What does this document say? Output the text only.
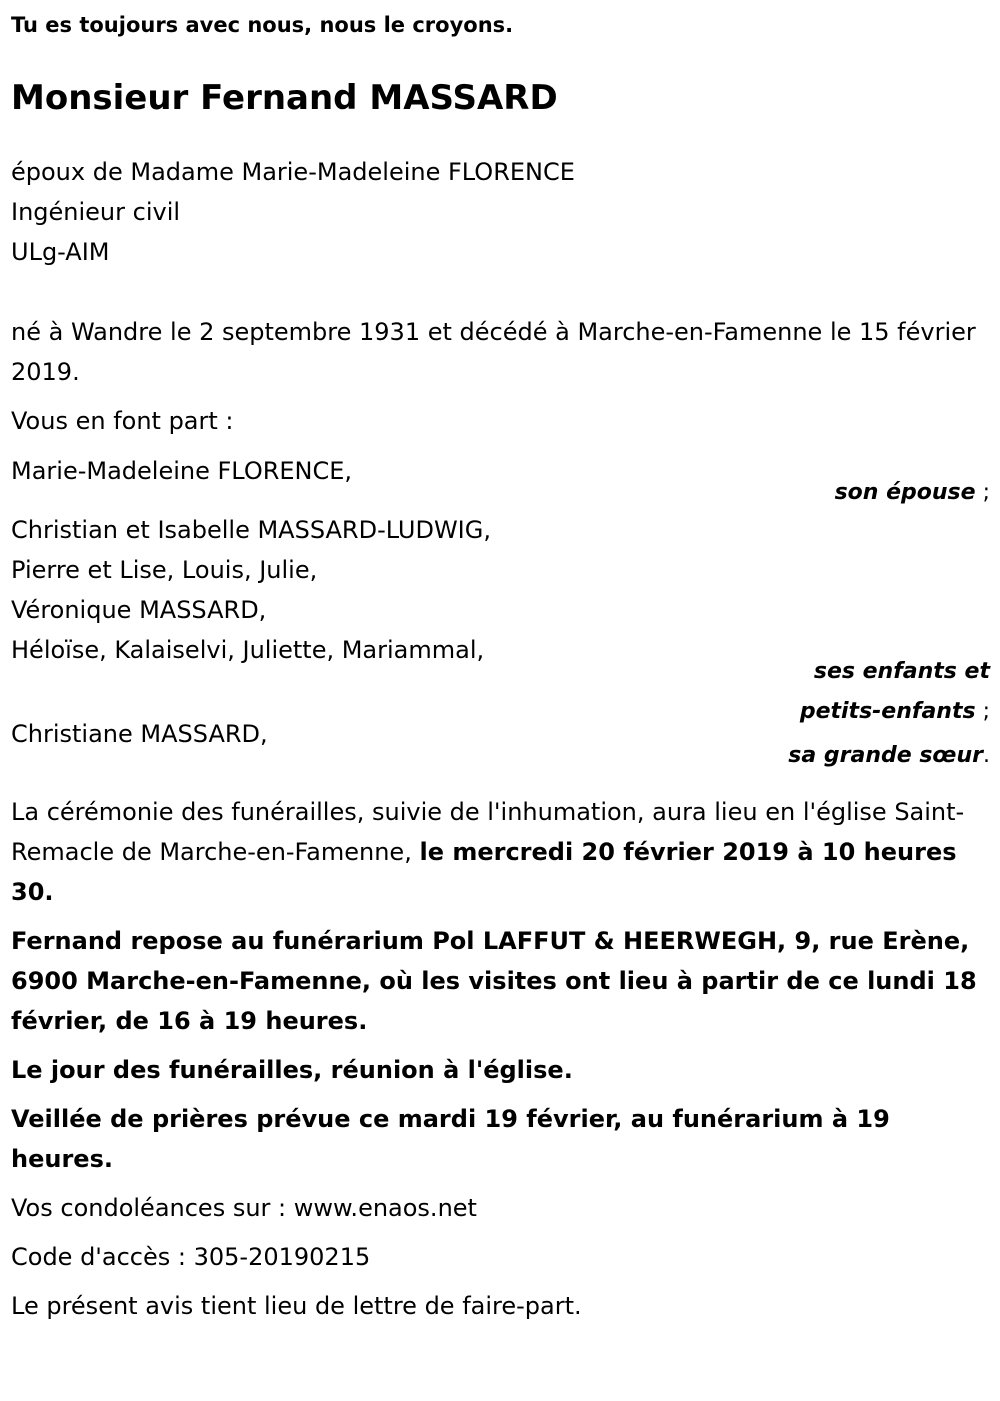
Tu es toujours avec nous, nous le croyons.

Monsieur Fernand MASSARD

époux de Madame Marie-Madeleine FLORENCE

Ingénieur civil

ULg-AIM

né à Wandre le 2 septembre 1931 et décédé à Marche-en-Famenne le 15 février 2019.

Vous en font part :

Marie-Madeleine FLORENCE,

son épouse ;

Christian et Isabelle MASSARD-LUDWIG,

Pierre et Lise, Louis, Julie,

Véronique MASSARD,

Héloïse, Kalaiselvi, Juliette, Mariammal,

ses enfants et

petits-enfants ;

Christiane MASSARD,

sa grande sœur.

La cérémonie des funérailles, suivie de l'inhumation, aura lieu en l'église Saint-Remacle de Marche-en-Famenne, le mercredi 20 février 2019 à 10 heures 30.

Fernand repose au funérarium Pol LAFFUT & HEERWEGH, 9, rue Erène, 6900 Marche-en-Famenne, où les visites ont lieu à partir de ce lundi 18 février, de 16 à 19 heures.

Le jour des funérailles, réunion à l'église.

Veillée de prières prévue ce mardi 19 février, au funérarium à 19 heures.

Vos condoléances sur : www.enaos.net

Code d'accès : 305-20190215

Le présent avis tient lieu de lettre de faire-part.
